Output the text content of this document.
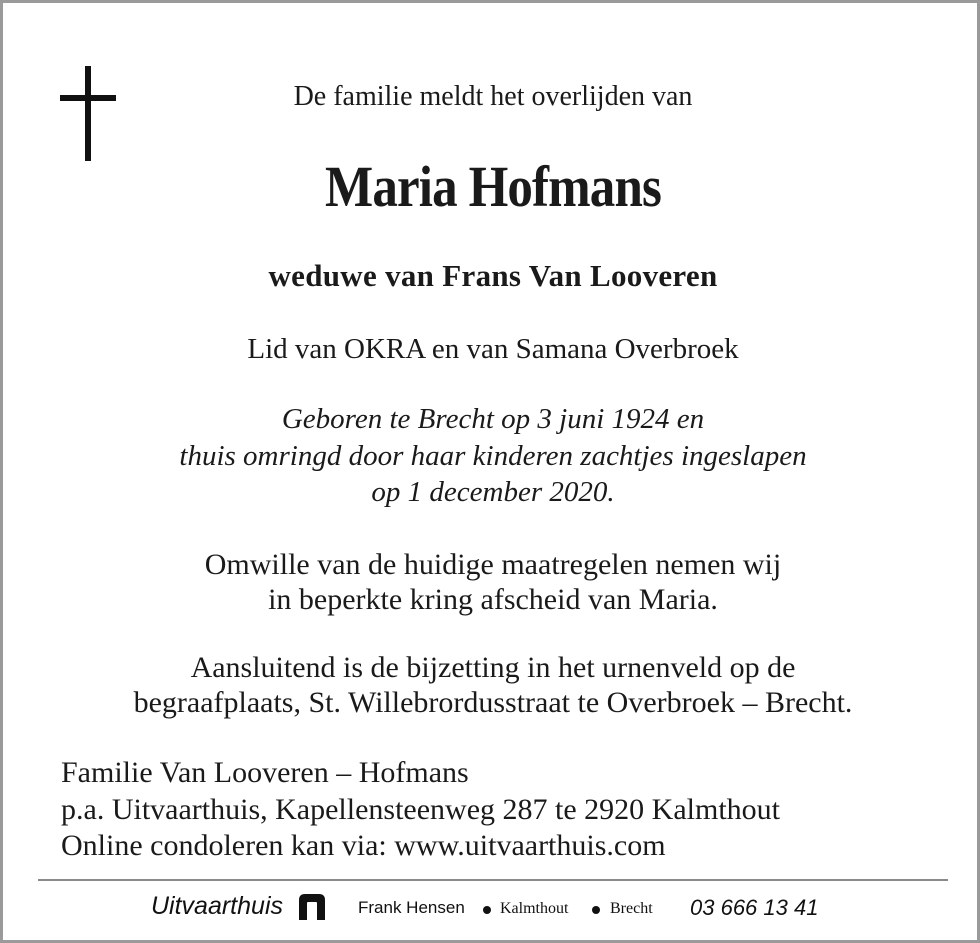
De familie meldt het overlijden van
Maria Hofmans
weduwe van Frans Van Looveren
Lid van OKRA en van Samana Overbroek
Geboren te Brecht op 3 juni 1924 en
thuis omringd door haar kinderen zachtjes ingeslapen
op 1 december 2020.
Omwille van de huidige maatregelen nemen wij
in beperkte kring afscheid van Maria.
Aansluitend is de bijzetting in het urnenveld op de
begraafplaats, St. Willebrordusstraat te Overbroek – Brecht.
Familie Van Looveren – Hofmans
p.a. Uitvaarthuis, Kapellensteenweg 287 te 2920 Kalmthout
Online condoleren kan via: www.uitvaarthuis.com
Uitvaarthuis	Frank Hensen Kalmthout	Brecht 03 666 13 41
